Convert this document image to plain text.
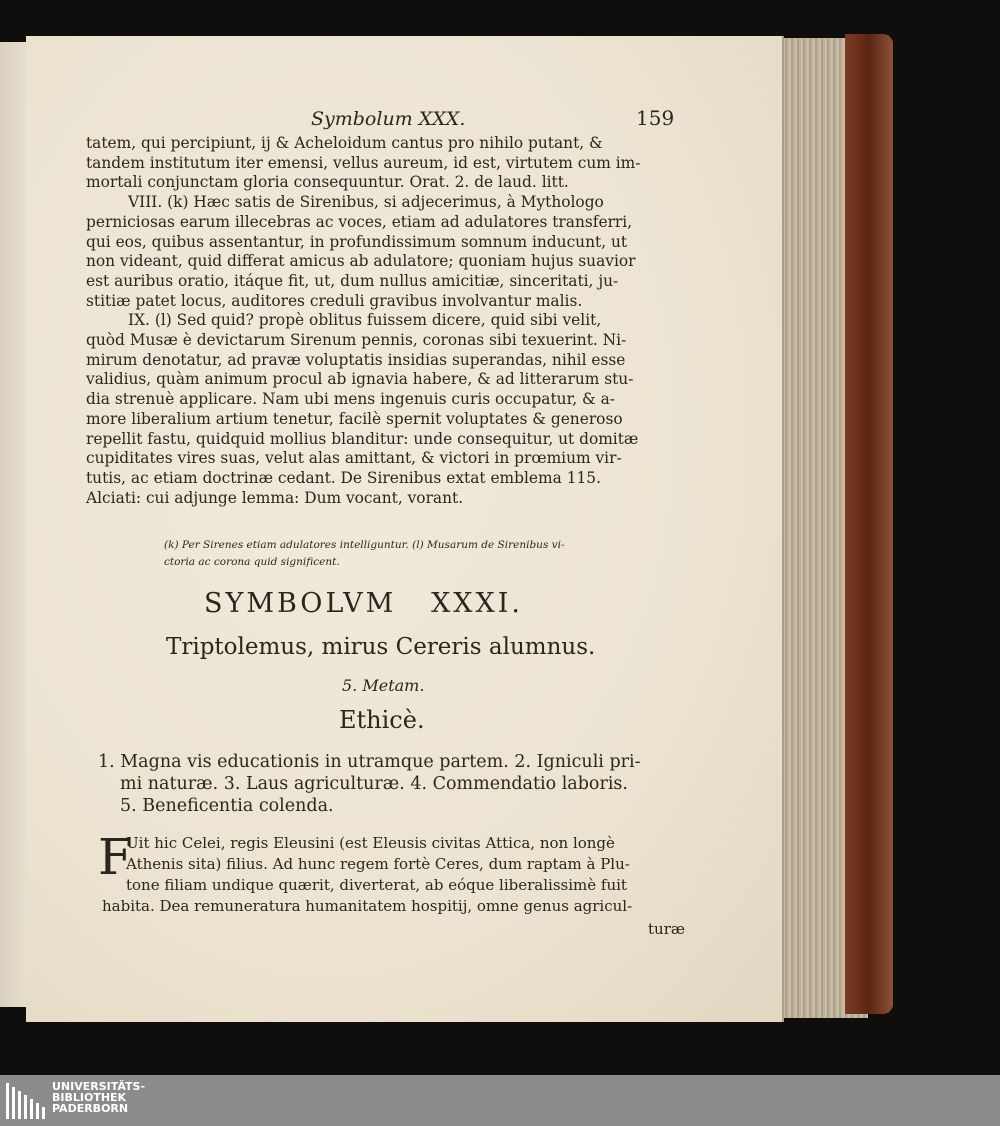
Symbolum XXX.	159
tatem, qui percipiunt, ij & Acheloidum cantus pro nihilo putant, &
tandem institutum iter emensi, vellus aureum, id est, virtutem cum im-
mortali conjunctam gloria consequuntur. Orat. 2. de laud. litt.
VIII. (k) Hæc satis de Sirenibus, si adjecerimus, à Mythologo
perniciosas earum illecebras ac voces, etiam ad adulatores transferri,
qui eos, quibus assentantur, in profundissimum somnum inducunt, ut
non videant, quid differat amicus ab adulatore; quoniam hujus suavior
est auribus oratio, itáque fit, ut, dum nullus amicitiæ, sinceritati, ju-
stitiæ patet locus, auditores creduli gravibus involvantur malis.
IX. (l) Sed quid? propè oblitus fuissem dicere, quid sibi velit,
quòd Musæ è devictarum Sirenum pennis, coronas sibi texuerint. Ni-
mirum denotatur, ad pravæ voluptatis insidias superandas, nihil esse
validius, quàm animum procul ab ignavia habere, & ad litterarum stu-
dia strenuè applicare. Nam ubi mens ingenuis curis occupatur, & a-
more liberalium artium tenetur, facilè spernit voluptates & generoso
repellit fastu, quidquid mollius blanditur: unde consequitur, ut domitæ
cupiditates vires suas, velut alas amittant, & victori in prœmium vir-
tutis, ac etiam doctrinæ cedant. De Sirenibus extat emblema 115.
Alciati: cui adjunge lemma: Dum vocant, vorant.
(k) Per Sirenes etiam adulatores intelliguntur. (l) Musarum de Sirenibus vi-
ctoria ac corona quid significent.
SYMBOLVM   XXXI.
Triptolemus, mirus Cereris alumnus.
5. Metam.
Ethicè.
1. Magna vis educationis in utramque partem. 2. Igniculi pri-
mi naturæ. 3. Laus agriculturæ. 4. Commendatio laboris.
5. Beneficentia colenda.
F
Uit hic Celei, regis Eleusini (est Eleusis civitas Attica, non longè
Athenis sita) filius. Ad hunc regem fortè Ceres, dum raptam à Plu-
tone filiam undique quærit, diverterat, ab eóque liberalissimè fuit
habita. Dea remuneratura humanitatem hospitij, omne genus agricul-
turæ
UNIVERSITÄTS-
BIBLIOTHEK
PADERBORN
